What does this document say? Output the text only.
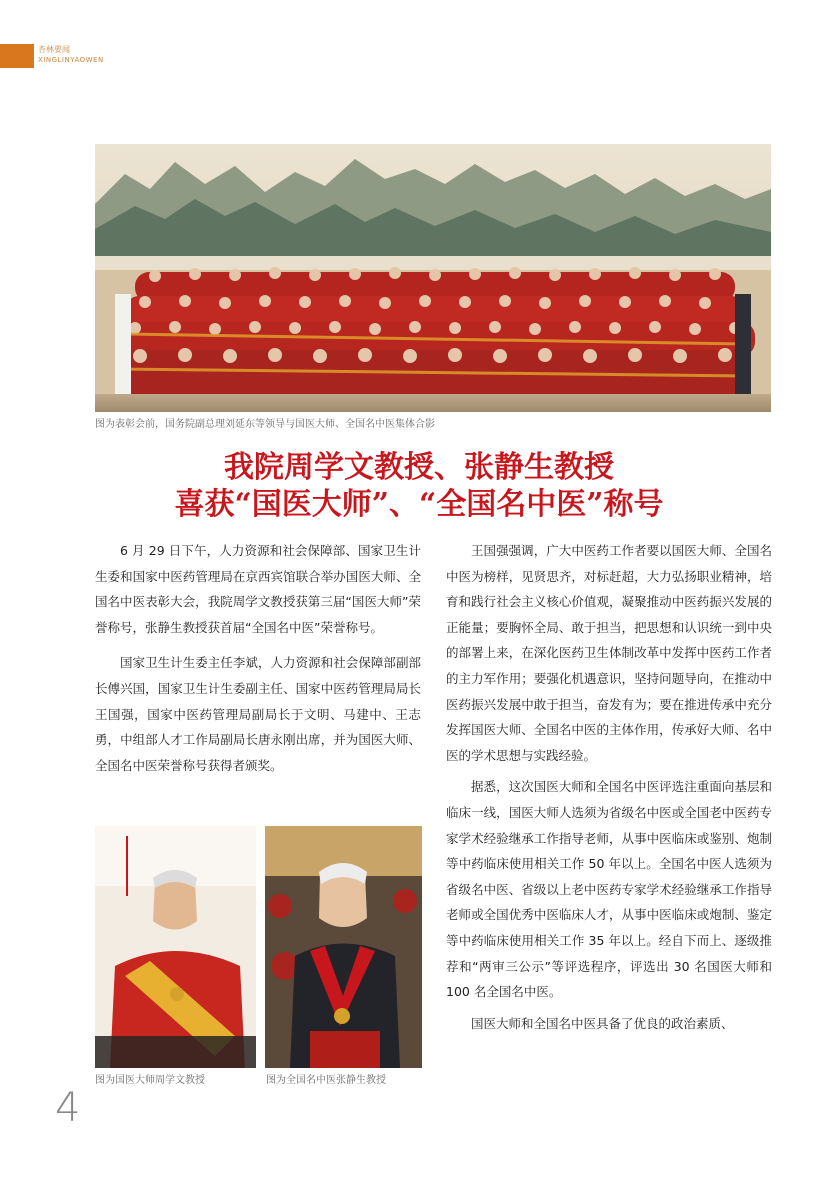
杏林要闻
XINGLINYAOWEN
图为表彰会前，国务院副总理刘延东等领导与国医大师、全国名中医集体合影
我院周学文教授、张静生教授
喜获“国医大师”、“全国名中医”称号

6 月 29 日下午，人力资源和社会保障部、国家卫生计生委和国家中医药管理局在京西宾馆联合举办国医大师、全国名中医表彰大会，我院周学文教授获第三届“国医大师”荣誉称号，张静生教授获首届“全国名中医”荣誉称号。

国家卫生计生委主任李斌，人力资源和社会保障部副部长傅兴国，国家卫生计生委副主任、国家中医药管理局局长王国强，国家中医药管理局副局长于文明、马建中、王志勇，中组部人才工作局副局长唐永刚出席，并为国医大师、全国名中医荣誉称号获得者颁奖。

王国强强调，广大中医药工作者要以国医大师、全国名中医为榜样，见贤思齐，对标赶超，大力弘扬职业精神，培育和践行社会主义核心价值观，凝聚推动中医药振兴发展的正能量；要胸怀全局、敢于担当，把思想和认识统一到中央的部署上来，在深化医药卫生体制改革中发挥中医药工作者的主力军作用；要强化机遇意识，坚持问题导向，在推动中医药振兴发展中敢于担当，奋发有为；要在推进传承中充分发挥国医大师、全国名中医的主体作用，传承好大师、名中医的学术思想与实践经验。

据悉，这次国医大师和全国名中医评选注重面向基层和临床一线，国医大师人选须为省级名中医或全国老中医药专家学术经验继承工作指导老师，从事中医临床或鉴别、炮制等中药临床使用相关工作 50 年以上。全国名中医人选须为省级名中医、省级以上老中医药专家学术经验继承工作指导老师或全国优秀中医临床人才，从事中医临床或炮制、鉴定等中药临床使用相关工作 35 年以上。经自下而上、逐级推荐和“两审三公示”等评选程序，评选出 30 名国医大师和 100 名全国名中医。

国医大师和全国名中医具备了优良的政治素质、

图为国医大师周学文教授	图为全国名中医张静生教授
4
